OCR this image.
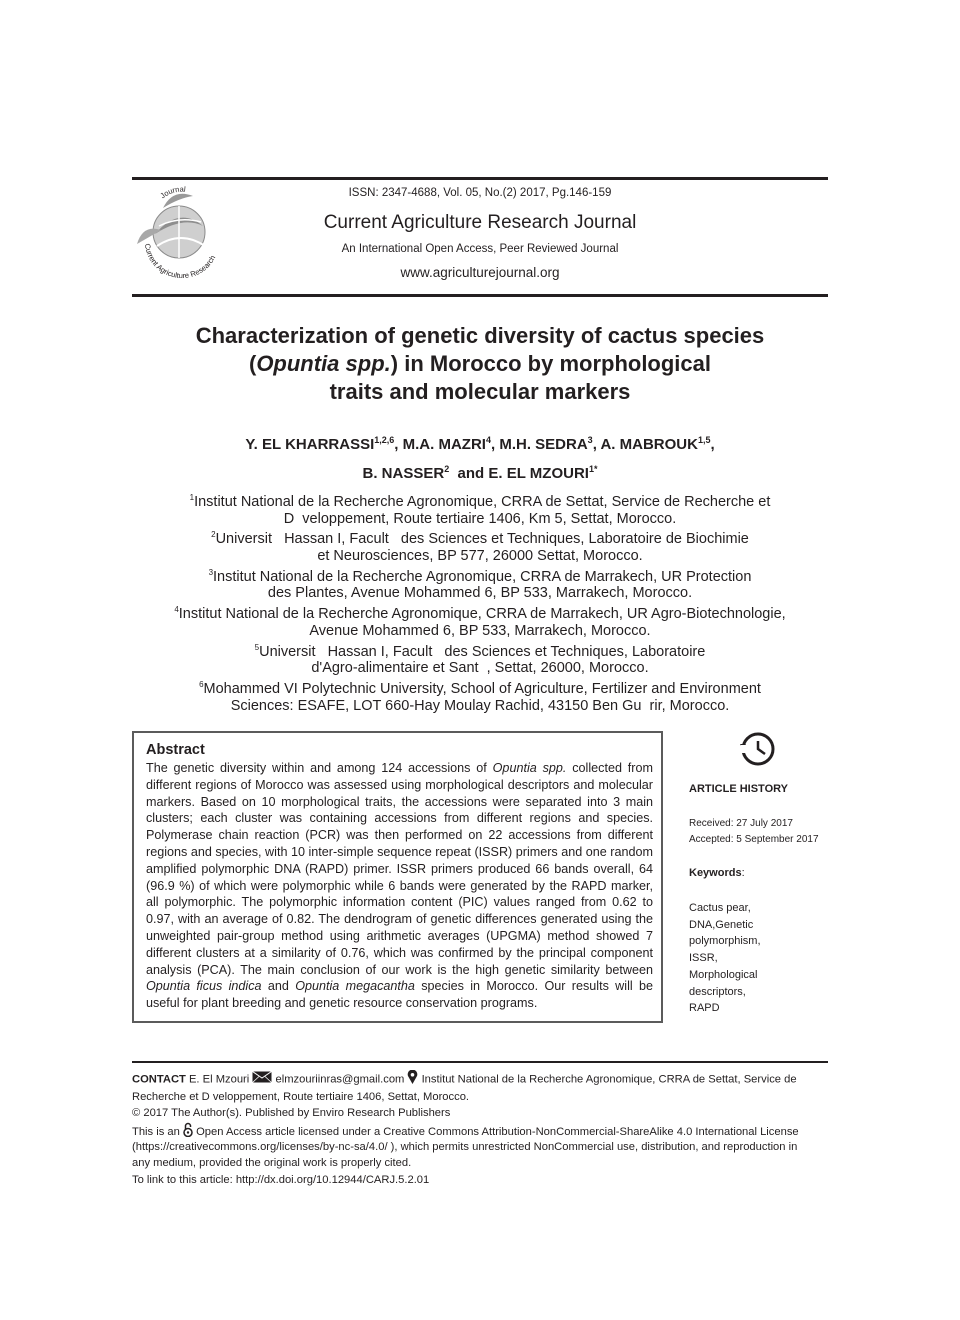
Current Agriculture Research
Journal	ISSN: 2347-4688, Vol. 05, No.(2) 2017, Pg.146-159
Current Agriculture Research Journal
An International Open Access, Peer Reviewed Journal
www.agriculturejournal.org
Characterization of genetic diversity of cactus species
(Opuntia spp.) in Morocco by morphological
traits and molecular markers
Y. EL KHARRASSI$^{1,2,6}$, M.A. MAZRI$^4$, M.H. SEDRA$^3$, A. MABROUK$^{1,5}$,
B. NASSER$^2$  and E. EL $MZOURI^{1*}$
$^1$Institut National de la Recherche Agronomique, CRRA de Settat, Service de Recherche et
D  veloppement, Route tertiaire 1406, Km 5, Settat, Morocco.
$^2$Universit   Hassan I, Facult   des Sciences et Techniques, Laboratoire de Biochimie
et Neurosciences, BP 577, 26000 Settat, Morocco.
$^3$Institut National de la Recherche Agronomique, CRRA de Marrakech, UR Protection
des Plantes, Avenue Mohammed 6, BP 533, Marrakech, Morocco.
$^4$Institut National de la Recherche Agronomique, CRRA de Marrakech, UR Agro-Biotechnologie,
Avenue Mohammed 6, BP 533, Marrakech, Morocco.
$^5$Universit   Hassan I, Facult   des Sciences et Techniques, Laboratoire
d'Agro-alimentaire et Sant  , Settat, 26000, Morocco.
$^6$Mohammed VI Polytechnic University, School of Agriculture, Fertilizer and Environment
Sciences: ESAFE, LOT 660-Hay Moulay Rachid, 43150 Ben Gu  rir, Morocco.
Abstract
The genetic diversity within and among 124 accessions of Opuntia spp. collected from different regions of Morocco was assessed using morphological descriptors and molecular markers. Based on 10 morphological traits, the accessions were separated into 3 main clusters; each cluster was containing accessions from different regions and species. Polymerase chain reaction (PCR) was then performed on 22 accessions from different regions and species, with 10 inter-simple sequence repeat (ISSR) primers and one random amplified polymorphic DNA (RAPD) primer. ISSR primers produced 66 bands overall, 64 (96.9 %) of which were polymorphic while 6 bands were generated by the RAPD marker, all polymorphic. The polymorphic information content (PIC) values ranged from 0.62 to 0.97, with an average of 0.82. The dendrogram of genetic differences generated using the unweighted pair-group method using arithmetic averages (UPGMA) method showed 7 different clusters at a similarity of 0.76, which was confirmed by the principal component analysis (PCA). The main conclusion of our work is the high genetic similarity between Opuntia ficus indica and Opuntia megacantha species in Morocco. Our results will be useful for plant breeding and genetic resource conservation programs.
ARTICLE HISTORY
Received: 27 July 2017
Accepted: 5 September 2017
Keywords:
Cactus pear,
DNA,Genetic
polymorphism,
ISSR,
Morphological
descriptors,
RAPD
CONTACT E. El Mzouri  elmzouriinras@gmail.com Institut National de la Recherche Agronomique, CRRA de Settat, Service de
Recherche et D veloppement, Route tertiaire 1406, Settat, Morocco.
© 2017 The Author(s). Published by Enviro Research Publishers
This is an  Open Access article licensed under a Creative Commons Attribution-NonCommercial-ShareAlike 4.0 International License
(https://creativecommons.org/licenses/by-nc-sa/4.0/ ), which permits unrestricted NonCommercial use, distribution, and reproduction in
any medium, provided the original work is properly cited.
To link to this article: http://dx.doi.org/10.12944/CARJ.5.2.01
